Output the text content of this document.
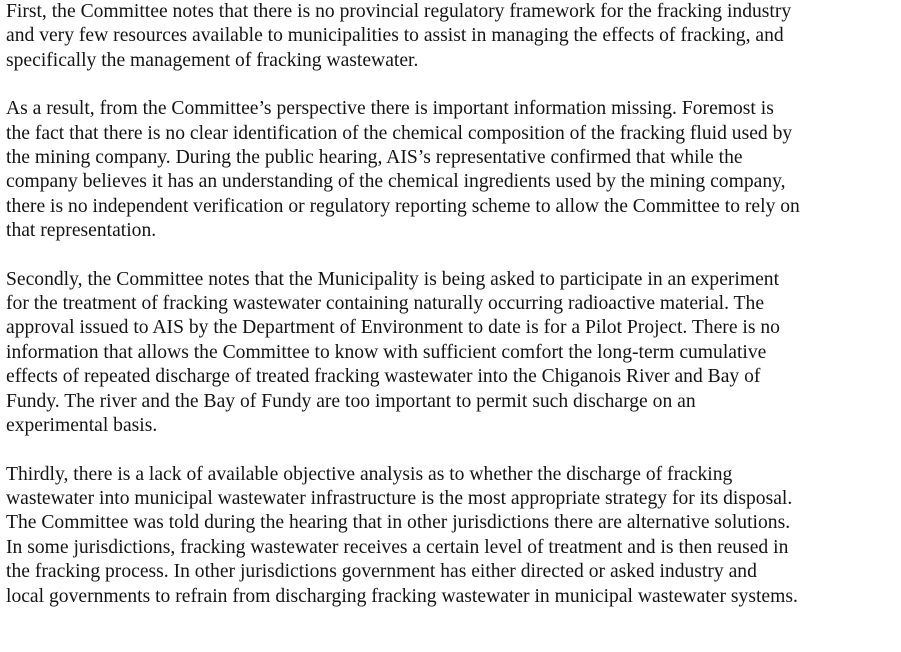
First, the Committee notes that there is no provincial regulatory framework for the fracking industry
and very few resources available to municipalities to assist in managing the effects of fracking, and
specifically the management of fracking wastewater.

As a result, from the Committee’s perspective there is important information missing. Foremost is
the fact that there is no clear identification of the chemical composition of the fracking fluid used by
the mining company. During the public hearing, AIS’s representative confirmed that while the
company believes it has an understanding of the chemical ingredients used by the mining company,
there is no independent verification or regulatory reporting scheme to allow the Committee to rely on
that representation.

Secondly, the Committee notes that the Municipality is being asked to participate in an experiment
for the treatment of fracking wastewater containing naturally occurring radioactive material. The
approval issued to AIS by the Department of Environment to date is for a Pilot Project. There is no
information that allows the Committee to know with sufficient comfort the long-term cumulative
effects of repeated discharge of treated fracking wastewater into the Chiganois River and Bay of
Fundy. The river and the Bay of Fundy are too important to permit such discharge on an
experimental basis.

Thirdly, there is a lack of available objective analysis as to whether the discharge of fracking
wastewater into municipal wastewater infrastructure is the most appropriate strategy for its disposal.
The Committee was told during the hearing that in other jurisdictions there are alternative solutions.
In some jurisdictions, fracking wastewater receives a certain level of treatment and is then reused in
the fracking process. In other jurisdictions government has either directed or asked industry and
local governments to refrain from discharging fracking wastewater in municipal wastewater systems.
